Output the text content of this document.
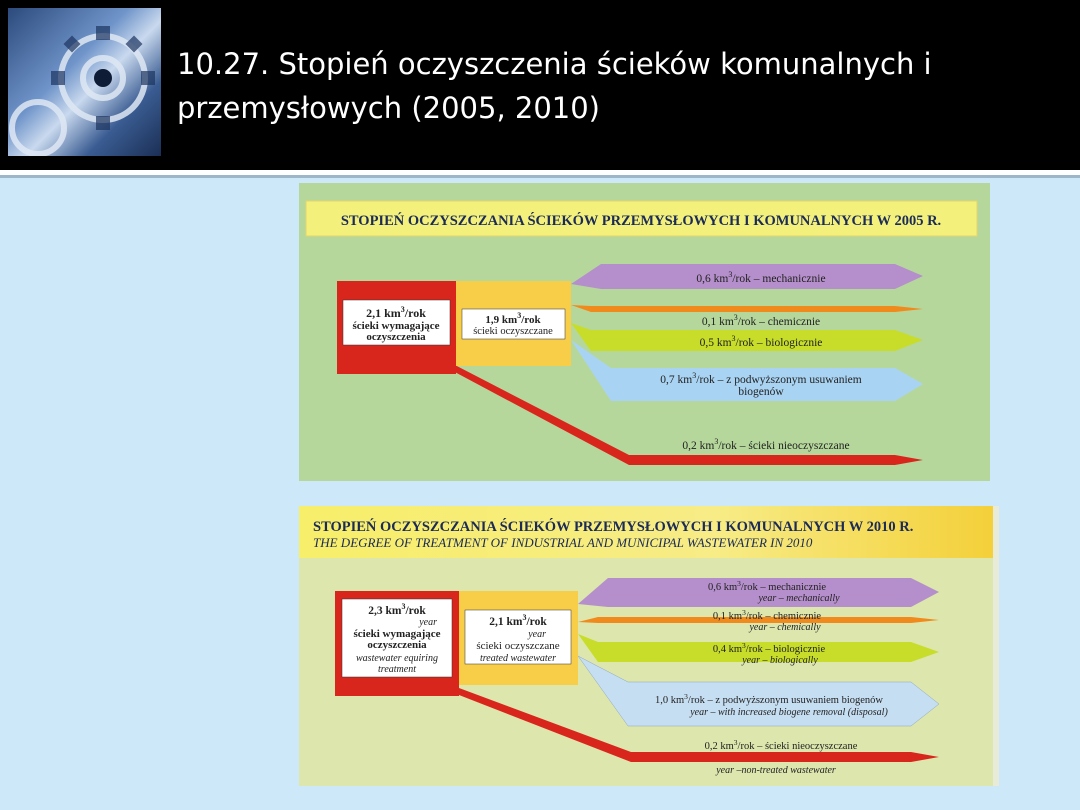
10.27. Stopień oczyszczenia ścieków komunalnych i przemysłowych (2005, 2010)
STOPIEŃ OCZYSZCZANIA ŚCIEKÓW PRZEMYSŁOWYCH I KOMUNALNYCH W 2005 R.
2,1 $km^3$/rok
ścieki wymagające
oczyszczenia
1,9 $km^3$/rok
ścieki oczyszczane
0,6 $km^3$/rok – mechanicznie
0,1 $km^3$/rok – chemicznie
0,5 $km^3$/rok – biologicznie
0,7 $km^3$/rok – z podwyższonym usuwaniem
biogenów
0,2 $km^3$/rok – ścieki nieoczyszczane
STOPIEŃ OCZYSZCZANIA ŚCIEKÓW PRZEMYSŁOWYCH I KOMUNALNYCH W 2010 R.
THE DEGREE OF TREATMENT OF INDUSTRIAL AND MUNICIPAL WASTEWATER IN 2010
2,3 $km^3$/rok
year
ścieki wymagające
oczyszczenia
wastewater equiring
treatment
2,1 $km^3$/rok
year
ścieki oczyszczane
treated wastewater
0,6 $km^3$/rok – mechanicznie
year – mechanically
0,1 $km^3$/rok – chemicznie
year – chemically
0,4 $km^3$/rok – biologicznie
year – biologically
1,0 $km^3$/rok – z podwyższonym usuwaniem biogenów
year – with increased biogene removal (disposal)
0,2 $km^3$/rok – ścieki nieoczyszczane
year –non-treated wastewater
